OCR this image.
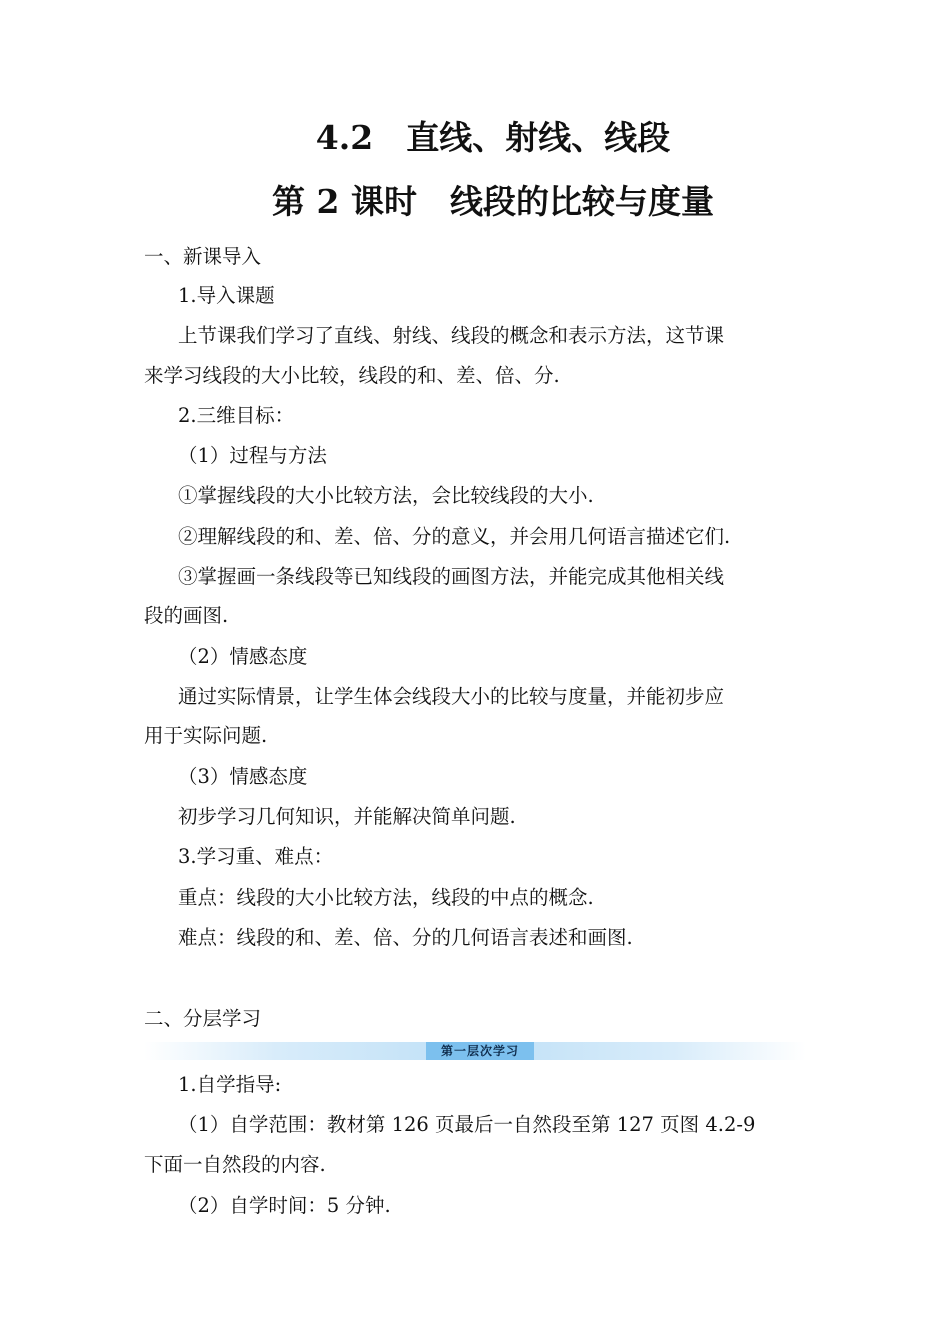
4.2　直线、射线、线段
第 2 课时　线段的比较与度量
一、新课导入
1.导入课题
上节课我们学习了直线、射线、线段的概念和表示方法，这节课
来学习线段的大小比较，线段的和、差、倍、分.
2.三维目标：
（1）过程与方法
①掌握线段的大小比较方法，会比较线段的大小.
②理解线段的和、差、倍、分的意义，并会用几何语言描述它们.
③掌握画一条线段等已知线段的画图方法，并能完成其他相关线
段的画图.
（2）情感态度
通过实际情景，让学生体会线段大小的比较与度量，并能初步应
用于实际问题.
（3）情感态度
初步学习几何知识，并能解决简单问题.
3.学习重、难点：
重点：线段的大小比较方法，线段的中点的概念.
难点：线段的和、差、倍、分的几何语言表述和画图.
二、分层学习
第一层次学习
1.自学指导:
（1）自学范围：教材第 126 页最后一自然段至第 127 页图 4.2-9
下面一自然段的内容.
（2）自学时间：5 分钟.
